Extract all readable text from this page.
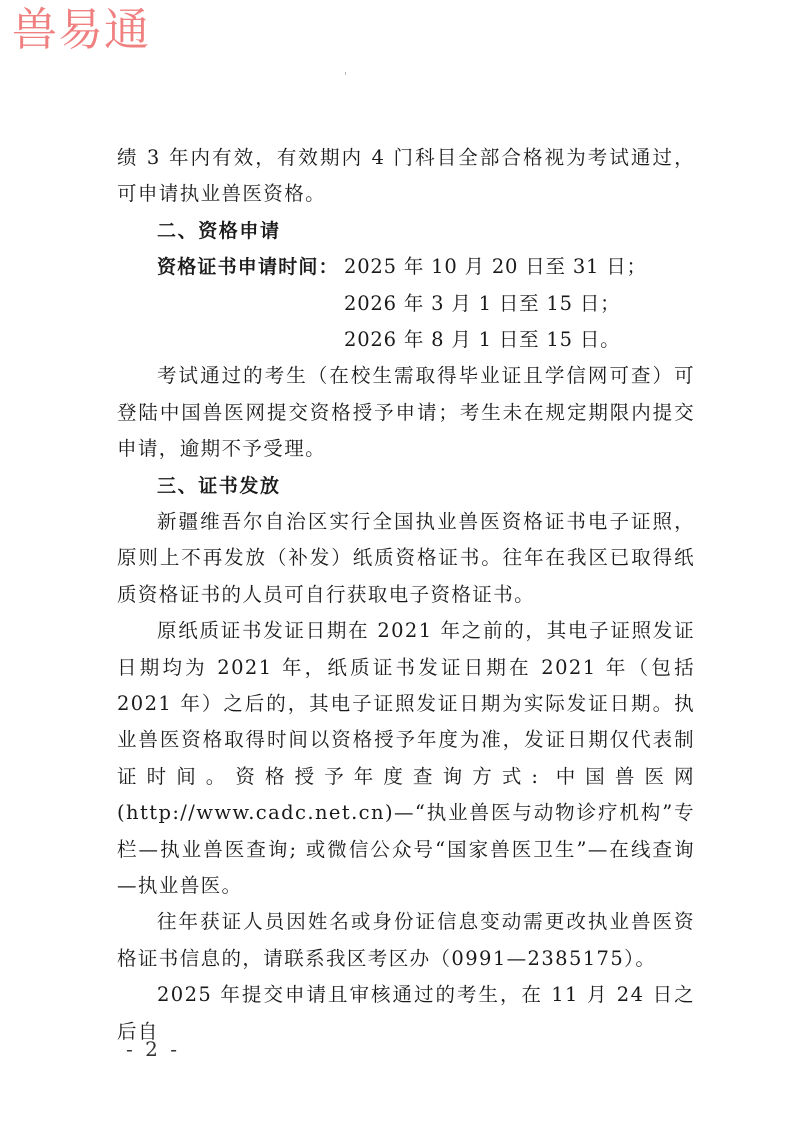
兽易通

绩 3 年内有效，有效期内 4 门科目全部合格视为考试通过，可申请执业兽医资格。

二、资格申请

资格证书申请时间： 2025 年 10 月 20 日至 31 日；
2026 年 3 月 1 日至 15 日；
2026 年 8 月 1 日至 15 日。

考试通过的考生（在校生需取得毕业证且学信网可查）可登陆中国兽医网提交资格授予申请；考生未在规定期限内提交申请，逾期不予受理。

三、证书发放

新疆维吾尔自治区实行全国执业兽医资格证书电子证照，原则上不再发放（补发）纸质资格证书。往年在我区已取得纸质资格证书的人员可自行获取电子资格证书。

原纸质证书发证日期在 2021 年之前的，其电子证照发证日期均为 2021 年，纸质证书发证日期在 2021 年（包括 2021 年）之后的，其电子证照发证日期为实际发证日期。执业兽医资格取得时间以资格授予年度为准，发证日期仅代表制证时间。资格授予年度查询方式: 中国兽医网(http://www.cadc.net.cn)—“执业兽医与动物诊疗机构”专栏—执业兽医查询; 或微信公众号“国家兽医卫生”—在线查询—执业兽医。

往年获证人员因姓名或身份证信息变动需更改执业兽医资格证书信息的，请联系我区考区办（0991—2385175）。

2025 年提交申请且审核通过的考生，在 11 月 24 日之后自

- 2 -
